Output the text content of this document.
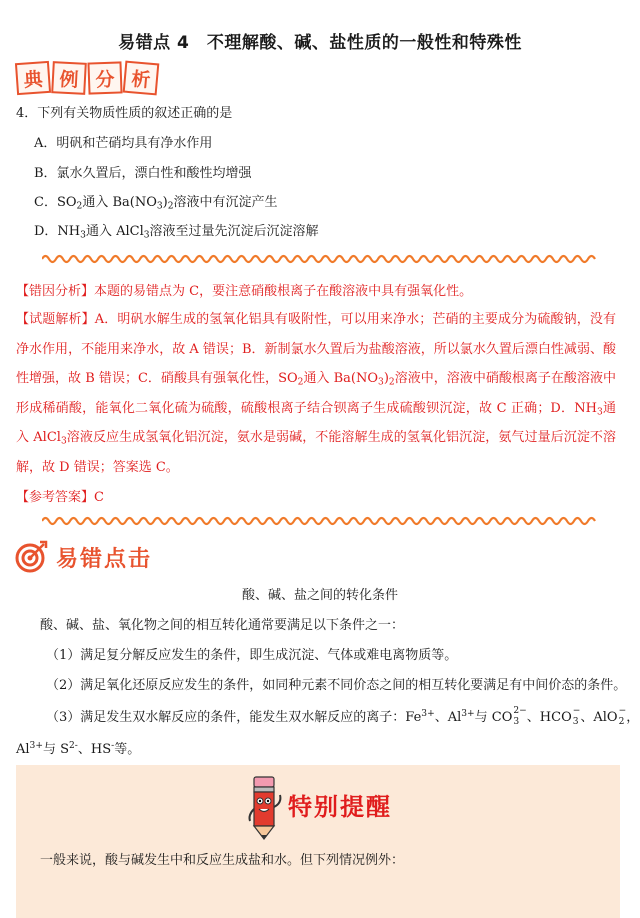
易错点 4　不理解酸、碱、盐性质的一般性和特殊性
典 例 分 析
4．下列有关物质性质的叙述正确的是
A．明矾和芒硝均具有净水作用
B．氯水久置后，漂白性和酸性均增强
C．$SO_2$通入 $Ba(NO_3)_2$溶液中有沉淀产生
D．$NH_3$通入 AlCl$_3$溶液至过量先沉淀后沉淀溶解
【错因分析】本题的易错点为 C，要注意硝酸根离子在酸溶液中具有强氧化性。
【试题解析】A．明矾水解生成的氢氧化铝具有吸附性，可以用来净水；芒硝的主要成分为硫酸钠，没有净水作用，不能用来净水，故 A 错误；B．新制氯水久置后为盐酸溶液，所以氯水久置后漂白性减弱、酸性增强，故 B 错误；C．硝酸具有强氧化性，$SO_2$通入 $Ba(NO_3)_2$溶液中，溶液中硝酸根离子在酸溶液中形成稀硝酸，能氧化二氧化硫为硫酸，硫酸根离子结合钡离子生成硫酸钡沉淀，故 C 正确；D．$NH_3$通入 AlCl$_3$溶液反应生成氢氧化铝沉淀，氨水是弱碱，不能溶解生成的氢氧化铝沉淀，氨气过量后沉淀不溶解，故 D 错误；答案选 C。
【参考答案】C
易错点击
酸、碱、盐之间的转化条件
酸、碱、盐、氧化物之间的相互转化通常要满足以下条件之一：
（1）满足复分解反应发生的条件，即生成沉淀、气体或难电离物质等。
（2）满足氧化还原反应发生的条件，如同种元素不同价态之间的相互转化要满足有中间价态的条件。
（3）满足发生双水解反应的条件，能发生双水解反应的离子：$Fe^{3+}$、$Al^{3+}$与 CO 2−
3 、HCO −
3 、AlO −
2 ，
$Al^{3+}$与 $S^{2-}$、HS-等。
特别提醒
一般来说，酸与碱发生中和反应生成盐和水。但下列情况例外：
